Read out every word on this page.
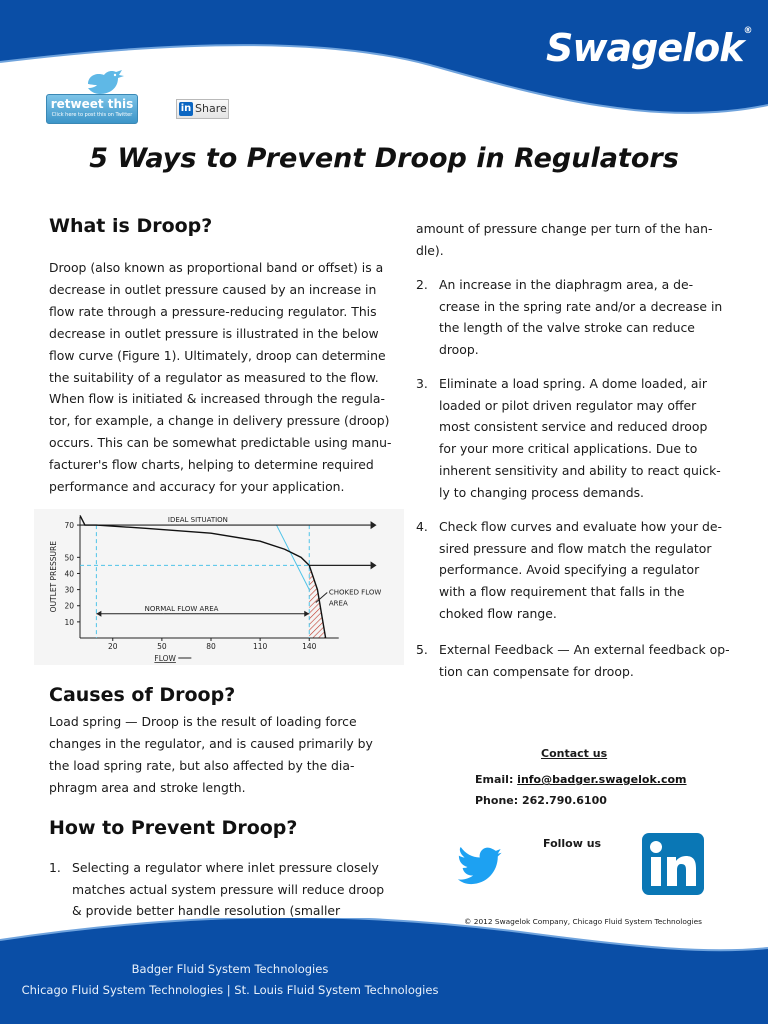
Swagelok®
retweet this
Click here to post this on Twitter
in Share
5 Ways to Prevent Droop in Regulators
What is Droop?
Droop (also known as proportional band or offset) is a
decrease in outlet pressure caused by an increase in
flow rate through a pressure-reducing regulator. This
decrease in outlet pressure is illustrated in the below
flow curve (Figure 1). Ultimately, droop can determine
the suitability of a regulator as measured to the flow.
When flow is initiated & increased through the regula-
tor, for example, a change in delivery pressure (droop)
occurs. This can be somewhat predictable using manu-
facturer's flow charts, helping to determine required
performance and accuracy for your application.
10
20
30
40
50
70
20	50	80	110	140
FLOW
OUTLET PRESSURE
IDEAL SITUATION
NORMAL FLOW AREA
CHOKED FLOW
AREA
Causes of Droop?
Load spring — Droop is the result of loading force
changes in the regulator, and is caused primarily by
the load spring rate, but also affected by the dia-
phragm area and stroke length.
How to Prevent Droop?
1. Selecting a regulator where inlet pressure closely
matches actual system pressure will reduce droop
& provide better handle resolution (smaller
amount of pressure change per turn of the han-
dle).
2. An increase in the diaphragm area, a de-
crease in the spring rate and/or a decrease in
the length of the valve stroke can reduce
droop.
3. Eliminate a load spring. A dome loaded, air
loaded or pilot driven regulator may offer
most consistent service and reduced droop
for your more critical applications. Due to
inherent sensitivity and ability to react quick-
ly to changing process demands.
4. Check flow curves and evaluate how your de-
sired pressure and flow match the regulator
performance. Avoid specifying a regulator
with a flow requirement that falls in the
choked flow range.
5. External Feedback — An external feedback op-
tion can compensate for droop.
Contact us
Email: info@badger.swagelok.com
Phone: 262.790.6100
Follow us
© 2012 Swagelok Company, Chicago Fluid System Technologies
Badger Fluid System Technologies
Chicago Fluid System Technologies | St. Louis Fluid System Technologies
